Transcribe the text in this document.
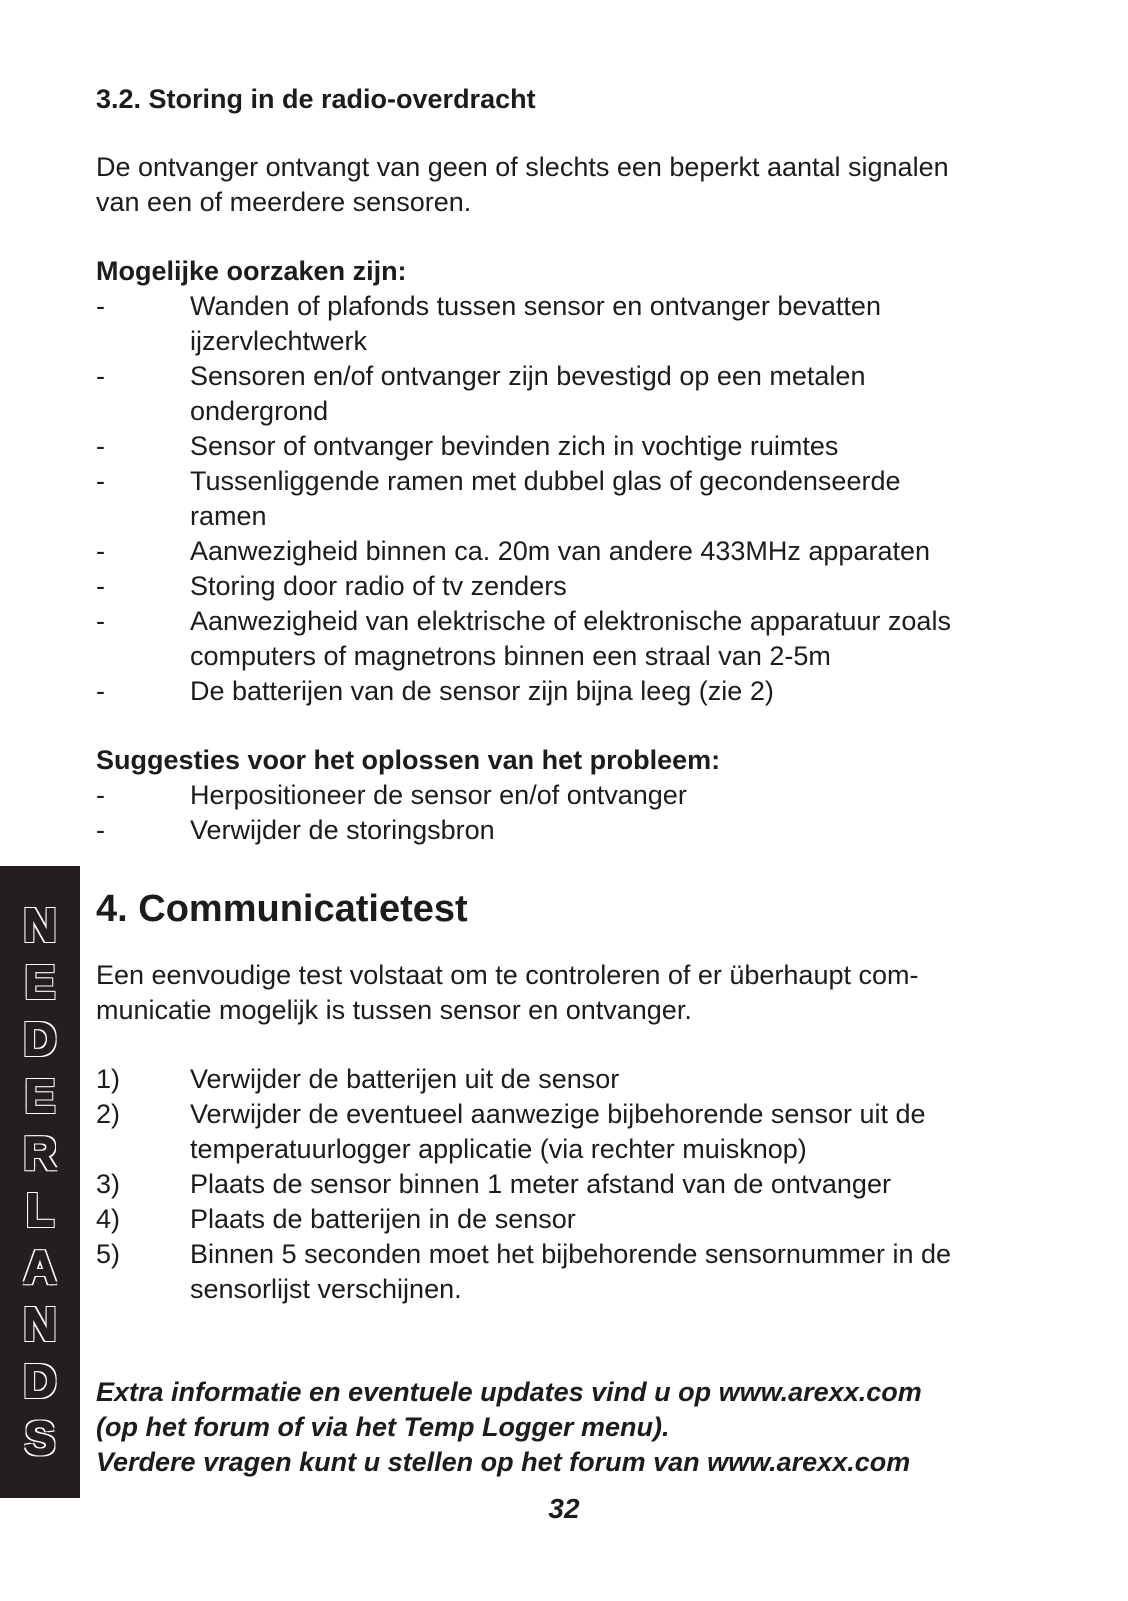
3.2. Storing in de radio-overdracht

De ontvanger ontvangt van geen of slechts een beperkt aantal signalen
van een of meerdere sensoren.

Mogelijke oorzaken zijn:

-	Wanden of plafonds tussen sensor en ontvanger bevatten
ijzervlechtwerk
-	Sensoren en/of ontvanger zijn bevestigd op een metalen
ondergrond
-	Sensor of ontvanger bevinden zich in vochtige ruimtes
-	Tussenliggende ramen met dubbel glas of gecondenseerde
ramen
-	Aanwezigheid binnen ca. 20m van andere 433MHz apparaten
-	Storing door radio of tv zenders
-	Aanwezigheid van elektrische of elektronische apparatuur zoals
computers of magnetrons binnen een straal van 2-5m
-	De batterijen van de sensor zijn bijna leeg (zie 2)

Suggesties voor het oplossen van het probleem:

-	Herpositioneer de sensor en/of ontvanger
-	Verwijder de storingsbron
4. Communicatietest

Een eenvoudige test volstaat om te controleren of er überhaupt com-
municatie mogelijk is tussen sensor en ontvanger.

1)	Verwijder de batterijen uit de sensor
2)	Verwijder de eventueel aanwezige bijbehorende sensor uit de
temperatuurlogger applicatie (via rechter muisknop)
3)	Plaats de sensor binnen 1 meter afstand van de ontvanger
4)	Plaats de batterijen in de sensor
5)	Binnen 5 seconden moet het bijbehorende sensornummer in de
sensorlijst verschijnen.

Extra informatie en eventuele updates vind u op www.arexx.com
(op het forum of via het Temp Logger menu).
Verdere vragen kunt u stellen op het forum van www.arexx.com

32
N
E
D
E
R
L
A
N
D
S
